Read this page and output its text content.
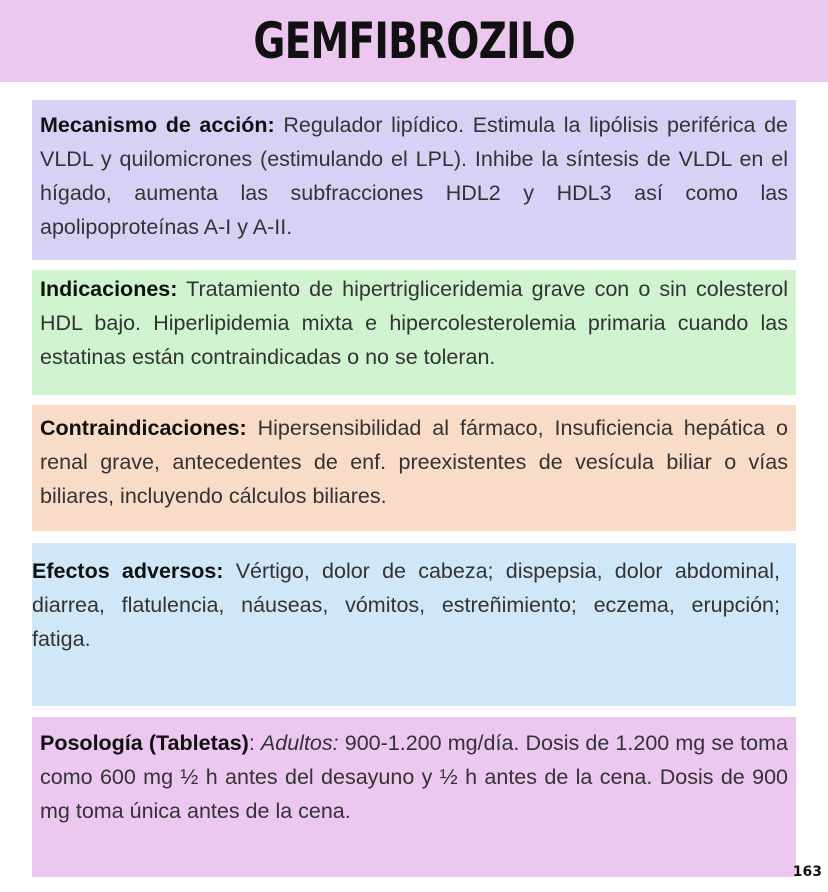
GEMFIBROZILO
Mecanismo de acción: Regulador lipídico. Estimula la lipólisis periférica de VLDL y quilomicrones (estimulando el LPL). Inhibe la síntesis de VLDL en el hígado, aumenta las subfracciones HDL2 y HDL3 así como las apolipoproteínas A-I y A-II.
Indicaciones: Tratamiento de hipertrigliceridemia grave con o sin colesterol HDL bajo. Hiperlipidemia mixta e hipercolesterolemia primaria cuando las estatinas están contraindicadas o no se toleran.
Contraindicaciones: Hipersensibilidad al fármaco, Insuficiencia hepática o renal grave, antecedentes de enf. preexistentes de vesícula biliar o vías biliares, incluyendo cálculos biliares.
Efectos adversos: Vértigo, dolor de cabeza; dispepsia, dolor abdominal, diarrea, flatulencia, náuseas, vómitos, estreñimiento; eczema, erupción; fatiga.
Posología (Tabletas): Adultos: 900-1.200 mg/día. Dosis de 1.200 mg se toma como 600 mg ½ h antes del desayuno y ½ h antes de la cena. Dosis de 900 mg toma única antes de la cena.
163
